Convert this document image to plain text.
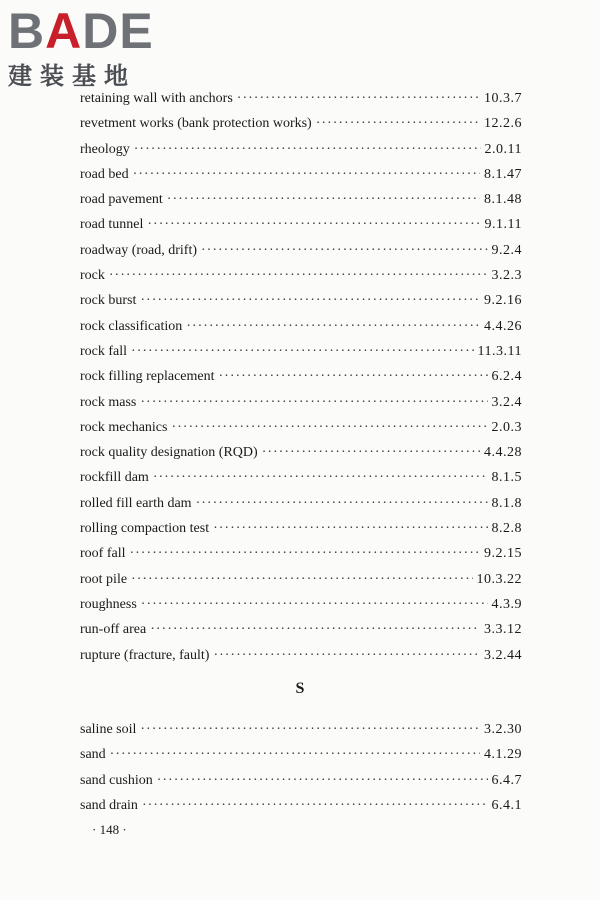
BADE
建装基地
retaining wall with anchors ·····	10.3.7
revetment works (bank protection works) ·····	12.2.6
rheology ·····	2.0.11
road bed ·····	8.1.47
road pavement ·····	8.1.48
road tunnel ·····	9.1.11
roadway (road, drift) ·····	9.2.4
rock ·····	3.2.3
rock burst ·····	9.2.16
rock classification ·····	4.4.26
rock fall ·····	11.3.11
rock filling replacement ·····	6.2.4
rock mass ·····	3.2.4
rock mechanics ·····	2.0.3
rock quality designation (RQD) ·····	4.4.28
rockfill dam ·····	8.1.5
rolled fill earth dam ·····	8.1.8
rolling compaction test ·····	8.2.8
roof fall ·····	9.2.15
root pile ·····	10.3.22
roughness ·····	4.3.9
run-off area ·····	3.3.12
rupture (fracture, fault) ·····	3.2.44
S
saline soil ·····	3.2.30
sand ·····	4.1.29
sand cushion ·····	6.4.7
sand drain ·····	6.4.1
· 148 ·
